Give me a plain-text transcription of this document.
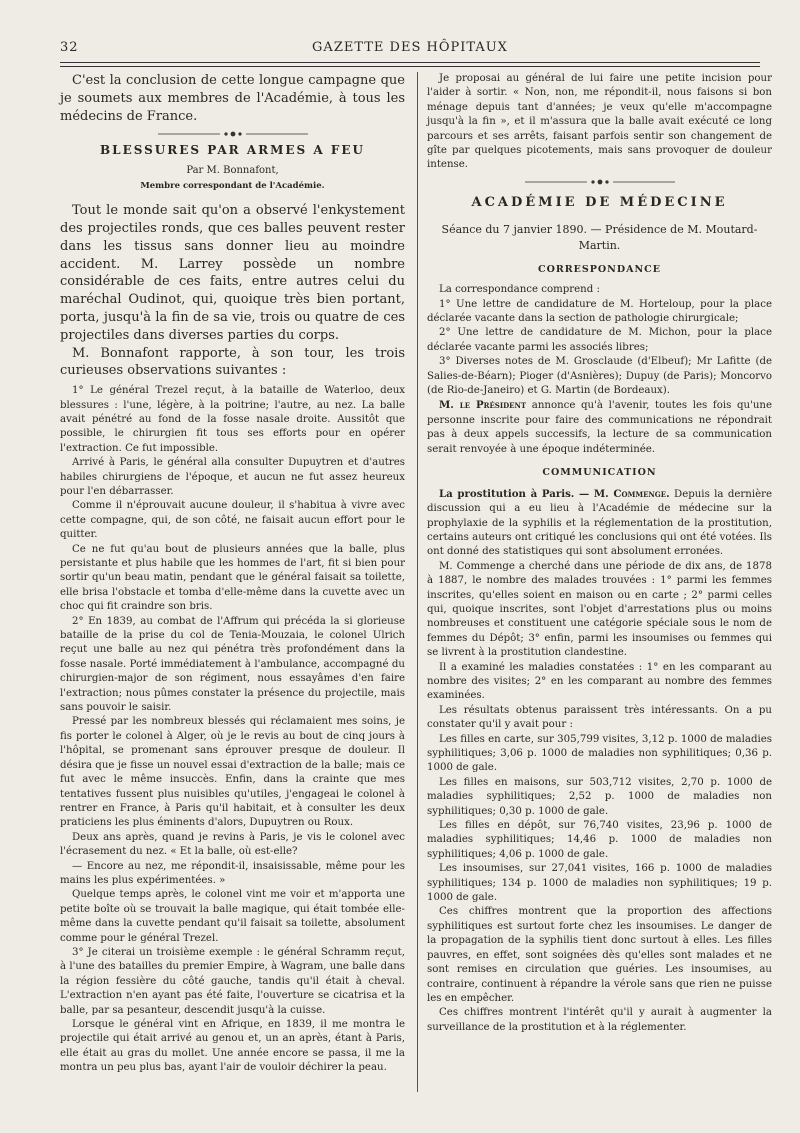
32	GAZETTE DES HÔPITAUX

C'est la conclusion de cette longue campagne que je soumets aux membres de l'Académie, à tous les médecins de France.

BLESSURES PAR ARMES A FEU

Par M. Bonnafont,

Membre correspondant de l'Académie.

Tout le monde sait qu'on a observé l'enkystement des projectiles ronds, que ces balles peuvent rester dans les tissus sans donner lieu au moindre accident. M. Larrey possède un nombre considérable de ces faits, entre autres celui du maréchal Oudinot, qui, quoique très bien portant, porta, jusqu'à la fin de sa vie, trois ou quatre de ces projectiles dans diverses parties du corps.

M. Bonnafont rapporte, à son tour, les trois curieuses observations suivantes :

1° Le général Trezel reçut, à la bataille de Waterloo, deux blessures : l'une, légère, à la poitrine; l'autre, au nez. La balle avait pénétré au fond de la fosse nasale droite. Aussitôt que possible, le chirurgien fit tous ses efforts pour en opérer l'extraction. Ce fut impossible.

Arrivé à Paris, le général alla consulter Dupuytren et d'autres habiles chirurgiens de l'époque, et aucun ne fut assez heureux pour l'en débarrasser.

Comme il n'éprouvait aucune douleur, il s'habitua à vivre avec cette compagne, qui, de son côté, ne faisait aucun effort pour le quitter.

Ce ne fut qu'au bout de plusieurs années que la balle, plus persistante et plus habile que les hommes de l'art, fit si bien pour sortir qu'un beau matin, pendant que le général faisait sa toilette, elle brisa l'obstacle et tomba d'elle-même dans la cuvette avec un choc qui fit craindre son bris.

2° En 1839, au combat de l'Affrum qui précéda la si glorieuse bataille de la prise du col de Tenia-Mouzaia, le colonel Ulrich reçut une balle au nez qui pénétra très profondément dans la fosse nasale. Porté immédiatement à l'ambulance, accompagné du chirurgien-major de son régiment, nous essayâmes d'en faire l'extraction; nous pûmes constater la présence du projectile, mais sans pouvoir le saisir.

Pressé par les nombreux blessés qui réclamaient mes soins, je fis porter le colonel à Alger, où je le revis au bout de cinq jours à l'hôpital, se promenant sans éprouver presque de douleur. Il désira que je fisse un nouvel essai d'extraction de la balle; mais ce fut avec le même insuccès. Enfin, dans la crainte que mes tentatives fussent plus nuisibles qu'utiles, j'engageai le colonel à rentrer en France, à Paris qu'il habitait, et à consulter les deux praticiens les plus éminents d'alors, Dupuytren ou Roux.

Deux ans après, quand je revins à Paris, je vis le colonel avec l'écrasement du nez. « Et la balle, où est-elle?

— Encore au nez, me répondit-il, insaisissable, même pour les mains les plus expérimentées. »

Quelque temps après, le colonel vint me voir et m'apporta une petite boîte où se trouvait la balle magique, qui était tombée elle-même dans la cuvette pendant qu'il faisait sa toilette, absolument comme pour le général Trezel.

3° Je citerai un troisième exemple : le général Schramm reçut, à l'une des batailles du premier Empire, à Wagram, une balle dans la région fessière du côté gauche, tandis qu'il était à cheval. L'extraction n'en ayant pas été faite, l'ouverture se cicatrisa et la balle, par sa pesanteur, descendit jusqu'à la cuisse.

Lorsque le général vint en Afrique, en 1839, il me montra le projectile qui était arrivé au genou et, un an après, étant à Paris, elle était au gras du mollet. Une année encore se passa, il me la montra un peu plus bas, ayant l'air de vouloir déchirer la peau.

Je proposai au général de lui faire une petite incision pour l'aider à sortir. « Non, non, me répondit-il, nous faisons si bon ménage depuis tant d'années; je veux qu'elle m'accompagne jusqu'à la fin », et il m'assura que la balle avait exécuté ce long parcours et ses arrêts, faisant parfois sentir son changement de gîte par quelques picotements, mais sans provoquer de douleur intense.

ACADÉMIE DE MÉDECINE
Séance du 7 janvier 1890. — Présidence de M. Moutard-Martin.
CORRESPONDANCE

La correspondance comprend :

1° Une lettre de candidature de M. Horteloup, pour la place déclarée vacante dans la section de pathologie chirurgicale;

2° Une lettre de candidature de M. Michon, pour la place déclarée vacante parmi les associés libres;

3° Diverses notes de M. Grosclaude (d'Elbeuf); Mr Lafitte (de Salies-de-Béarn); Pioger (d'Asnières); Dupuy (de Paris); Moncorvo (de Rio-de-Janeiro) et G. Martin (de Bordeaux).

M. le Président annonce qu'à l'avenir, toutes les fois qu'une personne inscrite pour faire des communications ne répondrait pas à deux appels successifs, la lecture de sa communication serait renvoyée à une époque indéterminée.

COMMUNICATION

La prostitution à Paris. — M. Commenge. Depuis la dernière discussion qui a eu lieu à l'Académie de médecine sur la prophylaxie de la syphilis et la réglementation de la prostitution, certains auteurs ont critiqué les conclusions qui ont été votées. Ils ont donné des statistiques qui sont absolument erronées.

M. Commenge a cherché dans une période de dix ans, de 1878 à 1887, le nombre des malades trouvées : 1° parmi les femmes inscrites, qu'elles soient en maison ou en carte ; 2° parmi celles qui, quoique inscrites, sont l'objet d'arrestations plus ou moins nombreuses et constituent une catégorie spéciale sous le nom de femmes du Dépôt; 3° enfin, parmi les insoumises ou femmes qui se livrent à la prostitution clandestine.

Il a examiné les maladies constatées : 1° en les comparant au nombre des visites; 2° en les comparant au nombre des femmes examinées.

Les résultats obtenus paraissent très intéressants. On a pu constater qu'il y avait pour :

Les filles en carte, sur 305,799 visites, 3,12 p. 1000 de maladies syphilitiques; 3,06 p. 1000 de maladies non syphilitiques; 0,36 p. 1000 de gale.

Les filles en maisons, sur 503,712 visites, 2,70 p. 1000 de maladies syphilitiques; 2,52 p. 1000 de maladies non syphilitiques; 0,30 p. 1000 de gale.

Les filles en dépôt, sur 76,740 visites, 23,96 p. 1000 de maladies syphilitiques; 14,46 p. 1000 de maladies non syphilitiques; 4,06 p. 1000 de gale.

Les insoumises, sur 27,041 visites, 166 p. 1000 de maladies syphilitiques; 134 p. 1000 de maladies non syphilitiques; 19 p. 1000 de gale.

Ces chiffres montrent que la proportion des affections syphilitiques est surtout forte chez les insoumises. Le danger de la propagation de la syphilis tient donc surtout à elles. Les filles pauvres, en effet, sont soignées dès qu'elles sont malades et ne sont remises en circulation que guéries. Les insoumises, au contraire, continuent à répandre la vérole sans que rien ne puisse les en empêcher.

Ces chiffres montrent l'intérêt qu'il y aurait à augmenter la surveillance de la prostitution et à la réglementer.
